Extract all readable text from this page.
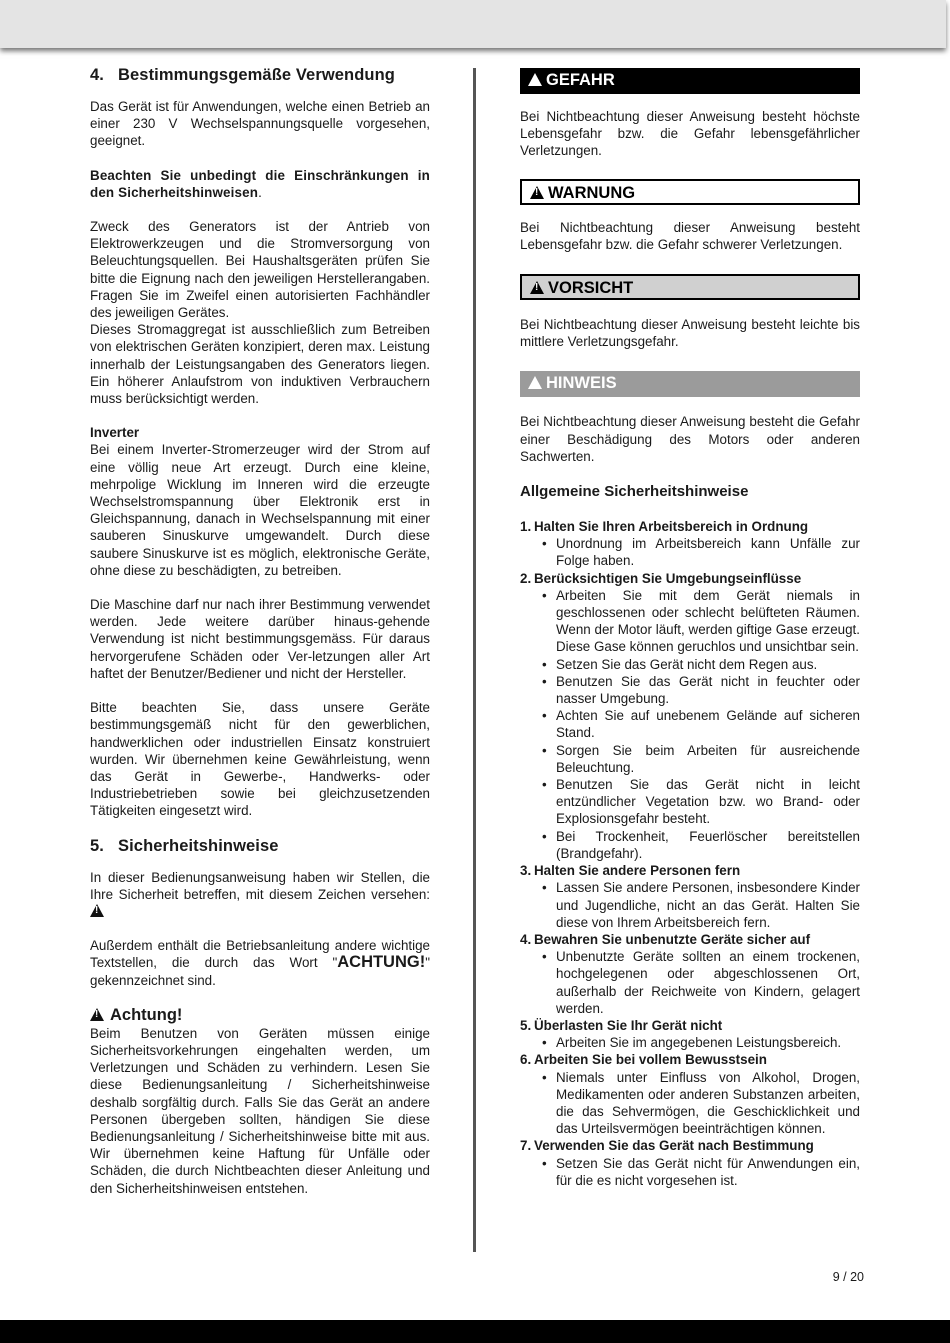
4. Bestimmungsgemäße Verwendung

Das Gerät ist für Anwendungen, welche einen Betrieb an einer 230 V Wechselspannungsquelle vorgesehen, geeignet.

Beachten Sie unbedingt die Einschränkungen in den Sicherheitshinweisen.

Zweck des Generators ist der Antrieb von Elektrowerkzeugen und die Stromversorgung von Beleuchtungsquellen. Bei Haushaltsgeräten prüfen Sie bitte die Eignung nach den jeweiligen Herstellerangaben. Fragen Sie im Zweifel einen autorisierten Fachhändler des jeweiligen Gerätes.

Dieses Stromaggregat ist ausschließlich zum Betreiben von elektrischen Geräten konzipiert, deren max. Leistung innerhalb der Leistungsangaben des Generators liegen. Ein höherer Anlaufstrom von induktiven Verbrauchern muss berücksichtigt werden.

Inverter

Bei einem Inverter-Stromerzeuger wird der Strom auf eine völlig neue Art erzeugt. Durch eine kleine, mehrpolige Wicklung im Inneren wird die erzeugte Wechselstromspannung über Elektronik erst in Gleichspannung, danach in Wechselspannung mit einer sauberen Sinuskurve umgewandelt. Durch diese saubere Sinuskurve ist es möglich, elektronische Geräte, ohne diese zu beschädigten, zu betreiben.

Die Maschine darf nur nach ihrer Bestimmung verwendet werden. Jede weitere darüber hinaus-gehende Verwendung ist nicht bestimmungsgemäss. Für daraus hervorgerufene Schäden oder Ver-letzungen aller Art haftet der Benutzer/Bediener und nicht der Hersteller.

Bitte beachten Sie, dass unsere Geräte bestimmungsgemäß nicht für den gewerblichen, handwerklichen oder industriellen Einsatz konstruiert wurden. Wir übernehmen keine Gewährleistung, wenn das Gerät in Gewerbe-, Handwerks- oder Industriebetrieben sowie bei gleichzusetzenden Tätigkeiten eingesetzt wird.

5. Sicherheitshinweise

In dieser Bedienungsanweisung haben wir Stellen, die Ihre Sicherheit betreffen, mit diesem Zeichen versehen: !

Außerdem enthält die Betriebsanleitung andere wichtige Textstellen, die durch das Wort "ACHTUNG!" gekennzeichnet sind.

!Achtung!

Beim Benutzen von Geräten müssen einige Sicherheitsvorkehrungen eingehalten werden, um Verletzungen und Schäden zu verhindern. Lesen Sie diese Bedienungsanleitung / Sicherheitshinweise deshalb sorgfältig durch. Falls Sie das Gerät an andere Personen übergeben sollten, händigen Sie diese Bedienungsanleitung / Sicherheitshinweise bitte mit aus. Wir übernehmen keine Haftung für Unfälle oder Schäden, die durch Nichtbeachten dieser Anleitung und den Sicherheitshinweisen entstehen.

!GEFAHR

Bei Nichtbeachtung dieser Anweisung besteht höchste Lebensgefahr bzw. die Gefahr lebensgefährlicher Verletzungen.

!WARNUNG

Bei Nichtbeachtung dieser Anweisung besteht Lebensgefahr bzw. die Gefahr schwerer Verletzungen.

!VORSICHT

Bei Nichtbeachtung dieser Anweisung besteht leichte bis mittlere Verletzungsgefahr.

!HINWEIS

Bei Nichtbeachtung dieser Anweisung besteht die Gefahr einer Beschädigung des Motors oder anderen Sachwerten.

Allgemeine Sicherheitshinweise

1. Halten Sie Ihren Arbeitsbereich in Ordnung
• Unordnung im Arbeitsbereich kann Unfälle zur Folge haben.
2. Berücksichtigen Sie Umgebungseinflüsse
• Arbeiten Sie mit dem Gerät niemals in geschlossenen oder schlecht belüfteten Räumen. Wenn der Motor läuft, werden giftige Gase erzeugt. Diese Gase können geruchlos und unsichtbar sein.
• Setzen Sie das Gerät nicht dem Regen aus.
• Benutzen Sie das Gerät nicht in feuchter oder nasser Umgebung.
• Achten Sie auf unebenem Gelände auf sicheren Stand.
• Sorgen Sie beim Arbeiten für ausreichende Beleuchtung.
• Benutzen Sie das Gerät nicht in leicht entzündlicher Vegetation bzw. wo Brand- oder Explosionsgefahr besteht.
• Bei Trockenheit, Feuerlöscher bereitstellen (Brandgefahr).
3. Halten Sie andere Personen fern
• Lassen Sie andere Personen, insbesondere Kinder und Jugendliche, nicht an das Gerät. Halten Sie diese von Ihrem Arbeitsbereich fern.
4. Bewahren Sie unbenutzte Geräte sicher auf
• Unbenutzte Geräte sollten an einem trockenen, hochgelegenen oder abgeschlossenen Ort, außerhalb der Reichweite von Kindern, gelagert werden.
5. Überlasten Sie Ihr Gerät nicht
• Arbeiten Sie im angegebenen Leistungsbereich.
6. Arbeiten Sie bei vollem Bewusstsein
• Niemals unter Einfluss von Alkohol, Drogen, Medikamenten oder anderen Substanzen arbeiten, die das Sehvermögen, die Geschicklichkeit und das Urteilsvermögen beeinträchtigen können.
7. Verwenden Sie das Gerät nach Bestimmung
• Setzen Sie das Gerät nicht für Anwendungen ein, für die es nicht vorgesehen ist.
9 / 20
